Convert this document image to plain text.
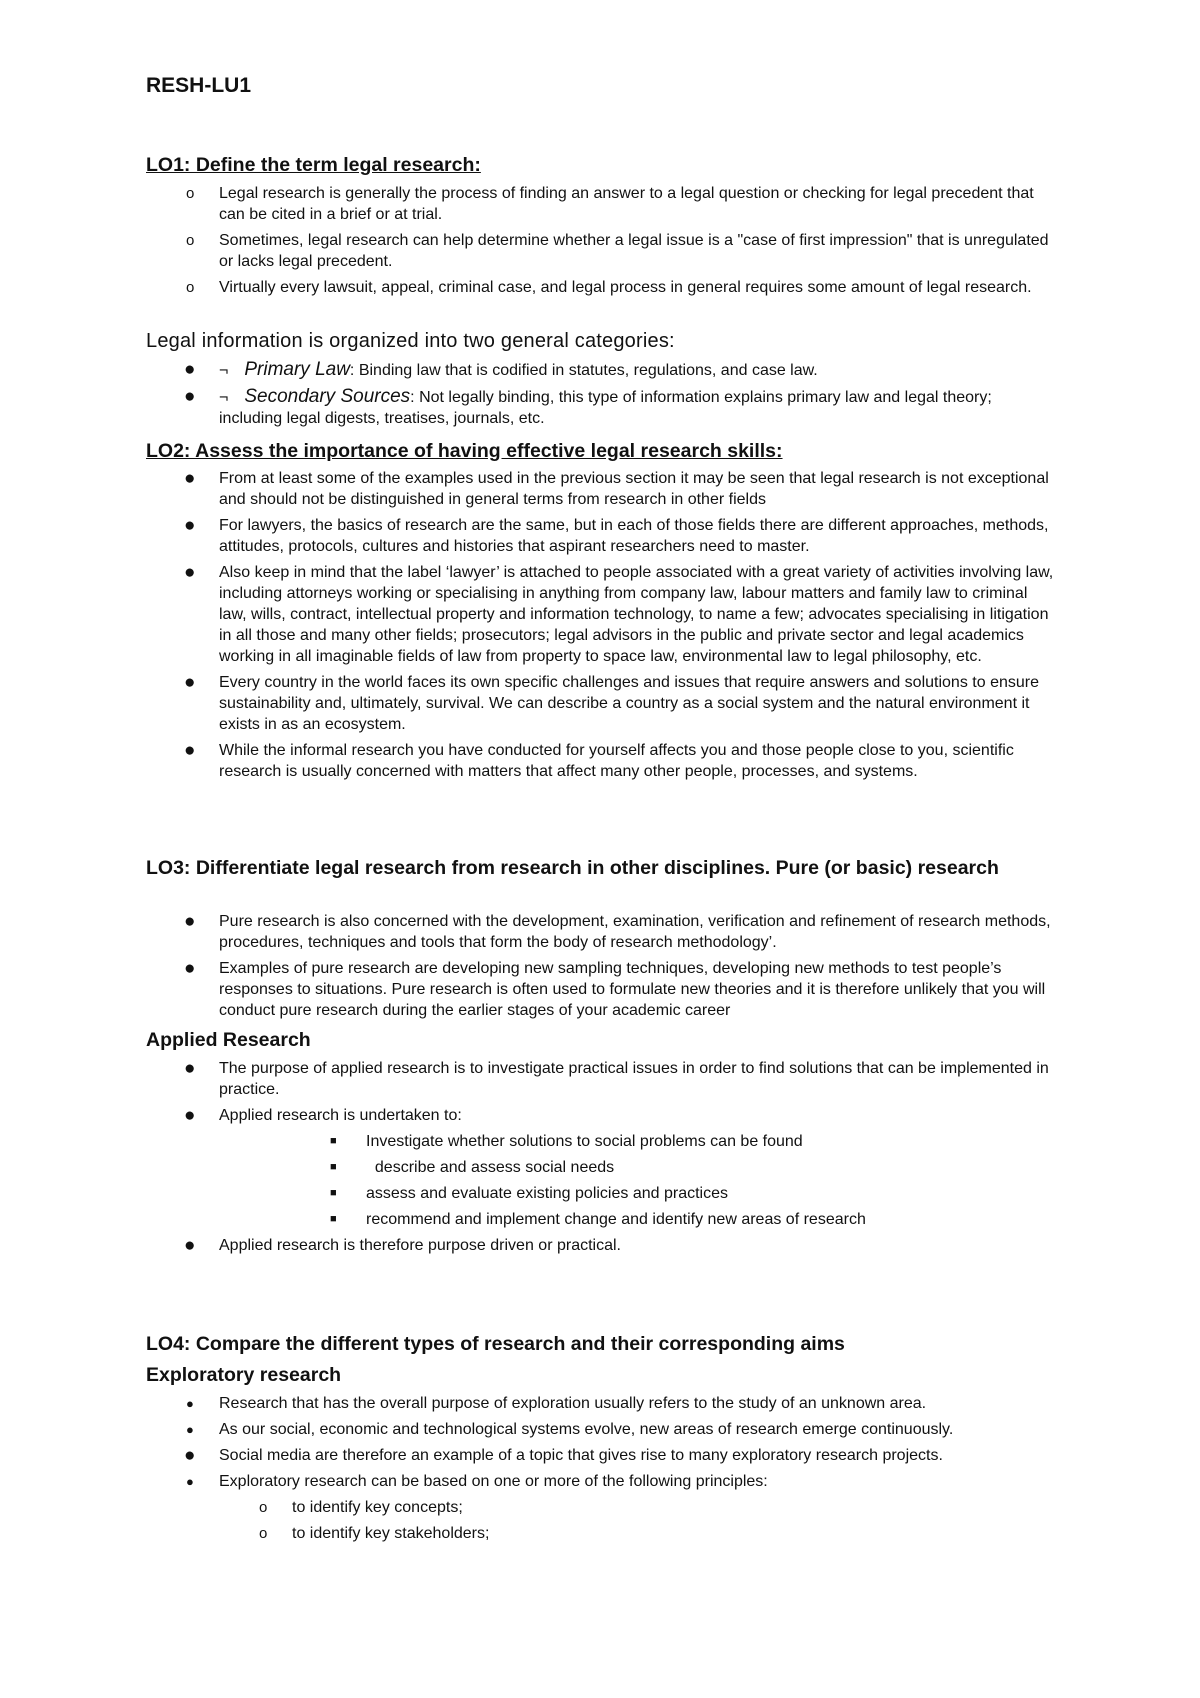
RESH-LU1
LO1: Define the term legal research:
o Legal research is generally the process of finding an answer to a legal question or checking for legal precedent that can be cited in a brief or at trial.
o Sometimes, legal research can help determine whether a legal issue is a "case of first impression" that is unregulated or lacks legal precedent.
o Virtually every lawsuit, appeal, criminal case, and legal process in general requires some amount of legal research.

Legal information is organized into two general categories:

● ¬ Primary Law: Binding law that is codified in statutes, regulations, and case law.
● ¬ Secondary Sources: Not legally binding, this type of information explains primary law and legal theory; including legal digests, treatises, journals, etc.
LO2: Assess the importance of having effective legal research skills:
● From at least some of the examples used in the previous section it may be seen that legal research is not exceptional and should not be distinguished in general terms from research in other fields
● For lawyers, the basics of research are the same, but in each of those fields there are different approaches, methods, attitudes, protocols, cultures and histories that aspirant researchers need to master.
● Also keep in mind that the label ‘lawyer’ is attached to people associated with a great variety of activities involving law, including attorneys working or specialising in anything from company law, labour matters and family law to criminal law, wills, contract, intellectual property and information technology, to name a few; advocates specialising in litigation in all those and many other fields; prosecutors; legal advisors in the public and private sector and legal academics working in all imaginable fields of law from property to space law, environmental law to legal philosophy, etc.
● Every country in the world faces its own specific challenges and issues that require answers and solutions to ensure sustainability and, ultimately, survival. We can describe a country as a social system and the natural environment it exists in as an ecosystem.
● While the informal research you have conducted for yourself affects you and those people close to you, scientific research is usually concerned with matters that affect many other people, processes, and systems.
LO3: Differentiate legal research from research in other disciplines. Pure (or basic) research
● Pure research is also concerned with the development, examination, verification and refinement of research methods, procedures, techniques and tools that form the body of research methodology’.
● Examples of pure research are developing new sampling techniques, developing new methods to test people’s responses to situations. Pure research is often used to formulate new theories and it is therefore unlikely that you will conduct pure research during the earlier stages of your academic career
Applied Research
● The purpose of applied research is to investigate practical issues in order to find solutions that can be implemented in practice.
● Applied research is undertaken to:
■ Investigate whether solutions to social problems can be found
■ describe and assess social needs
■ assess and evaluate existing policies and practices
■ recommend and implement change and identify new areas of research
● Applied research is therefore purpose driven or practical.
LO4: Compare the different types of research and their corresponding aims
Exploratory research
● Research that has the overall purpose of exploration usually refers to the study of an unknown area.
● As our social, economic and technological systems evolve, new areas of research emerge continuously.
● Social media are therefore an example of a topic that gives rise to many exploratory research projects.
● Exploratory research can be based on one or more of the following principles:
o to identify key concepts;
o to identify key stakeholders;
